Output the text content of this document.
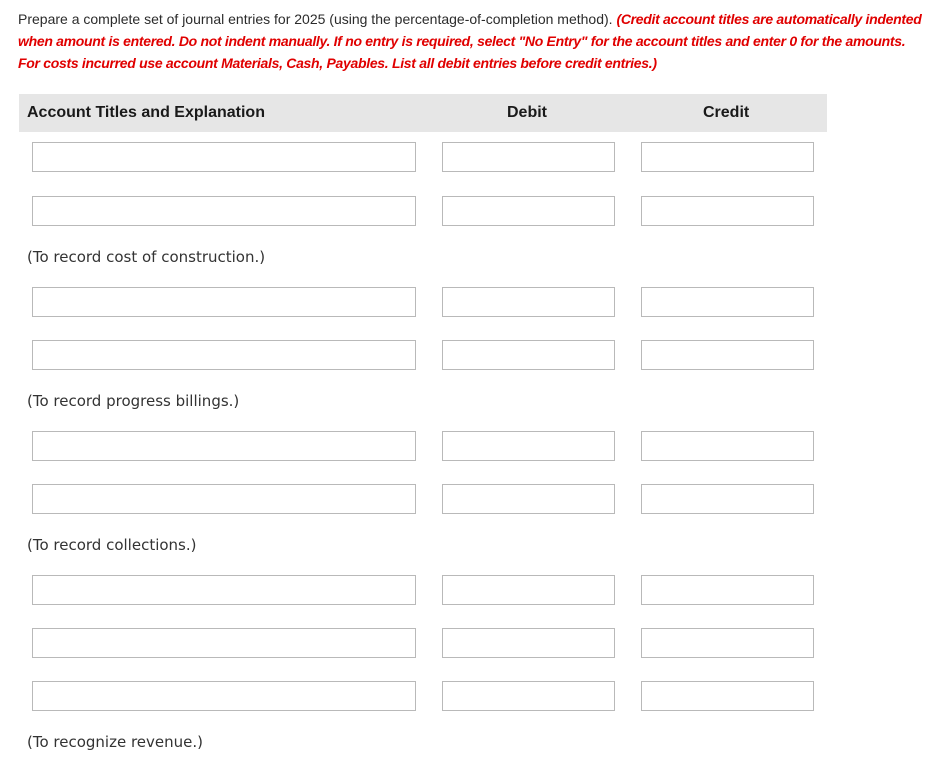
Prepare a complete set of journal entries for 2025 (using the percentage-of-completion method). (Credit account titles are automatically indented when amount is entered. Do not indent manually. If no entry is required, select "No Entry" for the account titles and enter 0 for the amounts. For costs incurred use account Materials, Cash, Payables. List all debit entries before credit entries.)
Account Titles and Explanation	Debit	Credit
(To record cost of construction.)
(To record progress billings.)
(To record collections.)
(To recognize revenue.)
